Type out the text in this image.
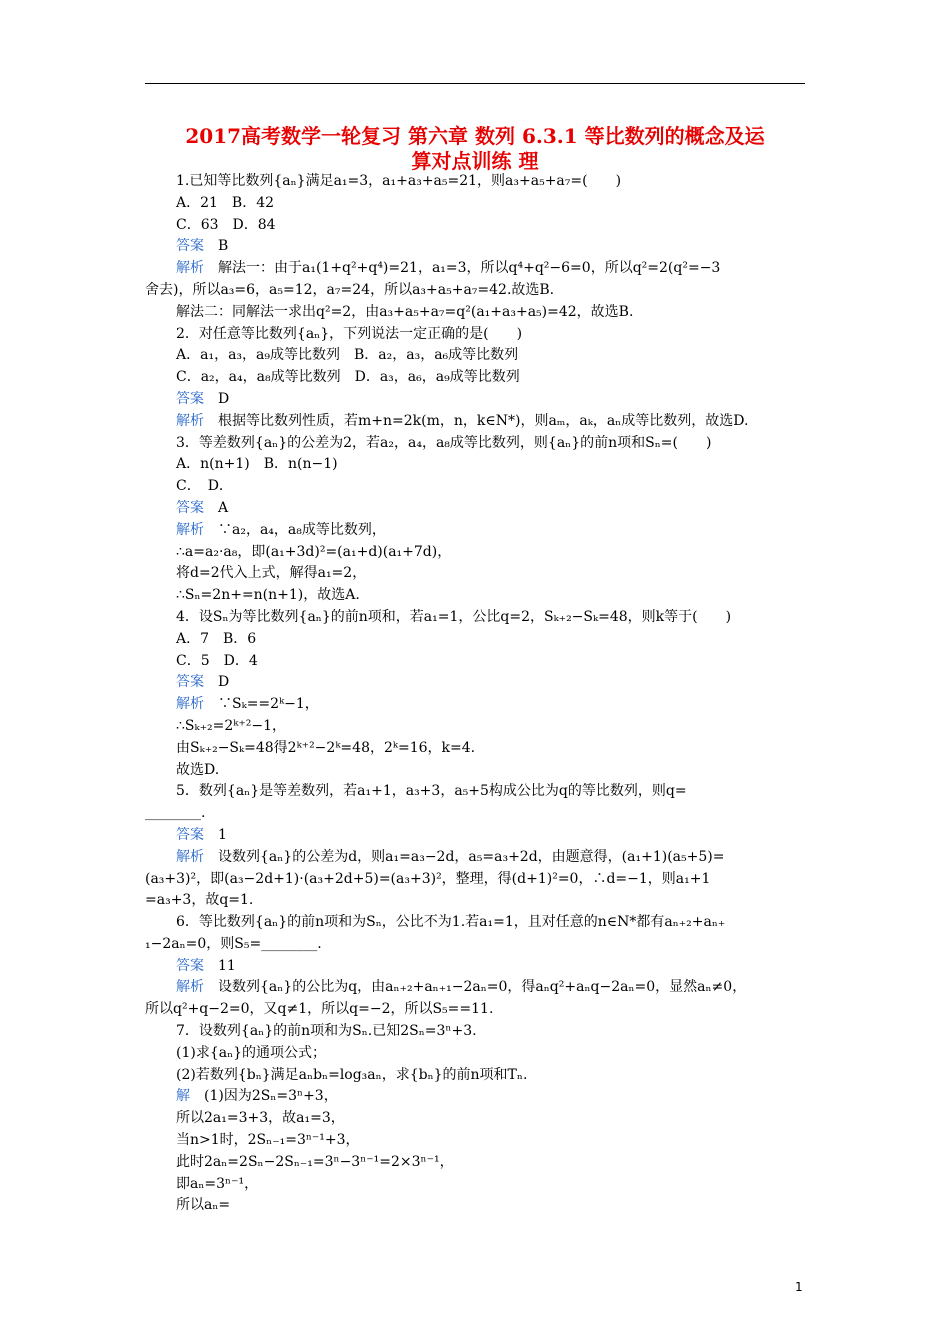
2017高考数学一轮复习 第六章 数列 6.3.1 等比数列的概念及运
算对点训练 理
1.已知等比数列{aₙ}满足a₁=3，a₁+a₃+a₅=21，则a₃+a₅+a₇=(　　)
A．21　B．42
C．63　D．84
答案　B
解析　解法一：由于a₁(1+q²+q⁴)=21，a₁=3，所以q⁴+q²−6=0，所以q²=2(q²=−3
舍去)，所以a₃=6，a₅=12，a₇=24，所以a₃+a₅+a₇=42.故选B.
解法二：同解法一求出q²=2，由a₃+a₅+a₇=q²(a₁+a₃+a₅)=42，故选B.
2．对任意等比数列{aₙ}，下列说法一定正确的是(　　)
A．a₁，a₃，a₉成等比数列　B．a₂，a₃，a₆成等比数列
C．a₂，a₄，a₈成等比数列　D．a₃，a₆，a₉成等比数列
答案　D
解析　根据等比数列性质，若m+n=2k(m，n，k∈N*)，则aₘ，aₖ，aₙ成等比数列，故选D.
3．等差数列{aₙ}的公差为2，若a₂，a₄，a₈成等比数列，则{aₙ}的前n项和Sₙ=(　　)
A．n(n+1)　B．n(n−1)
C．　D．
答案　A
解析　∵a₂，a₄，a₈成等比数列，
∴a=a₂·a₈，即(a₁+3d)²=(a₁+d)(a₁+7d)，
将d=2代入上式，解得a₁=2，
∴Sₙ=2n+=n(n+1)，故选A.
4．设Sₙ为等比数列{aₙ}的前n项和，若a₁=1，公比q=2，Sₖ₊₂−Sₖ=48，则k等于(　　)
A．7　B．6
C．5　D．4
答案　D
解析　∵Sₖ==2ᵏ−1，
∴Sₖ₊₂=2ᵏ⁺²−1，
由Sₖ₊₂−Sₖ=48得2ᵏ⁺²−2ᵏ=48，2ᵏ=16，k=4.
故选D.
5．数列{aₙ}是等差数列，若a₁+1，a₃+3，a₅+5构成公比为q的等比数列，则q=
________.
答案　1
解析　设数列{aₙ}的公差为d，则a₁=a₃−2d，a₅=a₃+2d，由题意得，(a₁+1)(a₅+5)=
(a₃+3)²，即(a₃−2d+1)·(a₃+2d+5)=(a₃+3)²，整理，得(d+1)²=0，∴d=−1，则a₁+1
=a₃+3，故q=1.
6．等比数列{aₙ}的前n项和为Sₙ，公比不为1.若a₁=1，且对任意的n∈N*都有aₙ₊₂+aₙ₊
₁−2aₙ=0，则S₅=________.
答案　11
解析　设数列{aₙ}的公比为q，由aₙ₊₂+aₙ₊₁−2aₙ=0，得aₙq²+aₙq−2aₙ=0，显然aₙ≠0，
所以q²+q−2=0，又q≠1，所以q=−2，所以S₅==11.
7．设数列{aₙ}的前n项和为Sₙ.已知2Sₙ=3ⁿ+3.
(1)求{aₙ}的通项公式；
(2)若数列{bₙ}满足aₙbₙ=log₃aₙ，求{bₙ}的前n项和Tₙ.
解　(1)因为2Sₙ=3ⁿ+3，
所以2a₁=3+3，故a₁=3，
当n>1时，2Sₙ₋₁=3ⁿ⁻¹+3，
此时2aₙ=2Sₙ−2Sₙ₋₁=3ⁿ−3ⁿ⁻¹=2×3ⁿ⁻¹，
即aₙ=3ⁿ⁻¹，
所以aₙ=
1
